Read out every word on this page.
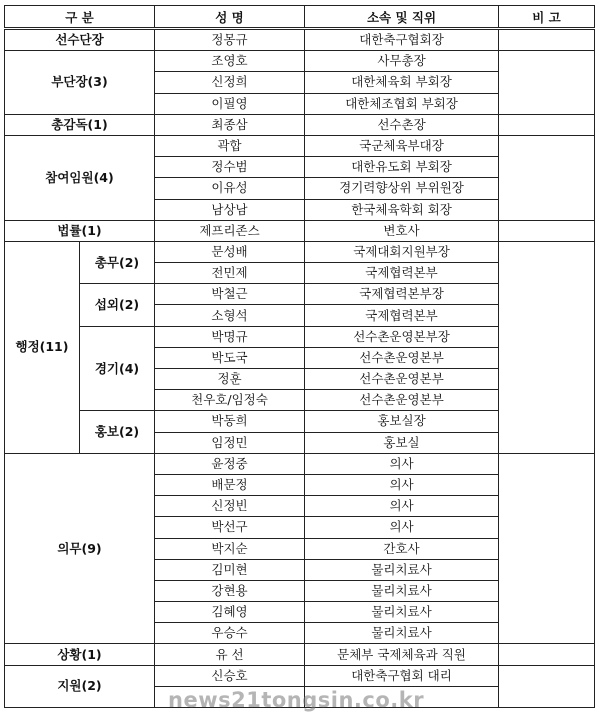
구 분		성 명	소속 및 직위	비 고
선수단장		정몽규	대한축구협회장	
부단장(3)		조영호	사무총장	
		신정희	대한체육회 부회장	
		이필영	대한체조협회 부회장	
총감독(1)		최종삼	선수촌장	
참여임원(4)		곽합	국군체육부대장	
		정수범	대한유도회 부회장	
		이유성	경기력향상위 부위원장	
		남상남	한국체육학회 회장	
법률(1)		제프리존스	변호사	
행정(11)	총무(2)	문성배	국제대회지원부장	
		전민제	국제협력본부	
	섭외(2)	박철근	국제협력본부장	
		소형석	국제협력본부	
	경기(4)	박명규	선수촌운영본부장	
		박도국	선수촌운영본부	
		정훈	선수촌운영본부	
		천우호/임정숙	선수촌운영본부	
	홍보(2)	박동희	홍보실장	
		임정민	홍보실	
의무(9)		윤정중	의사	
		배문정	의사	
		신정빈	의사	
		박선구	의사	
		박지순	간호사	
		김미현	물리치료사	
		강현용	물리치료사	
		김혜영	물리치료사	
		우승수	물리치료사	
상황(1)		유 선	문체부 국제체육과 직원	
지원(2)		신승호	대한축구협회 대리	

news21tongsin.co.kr
